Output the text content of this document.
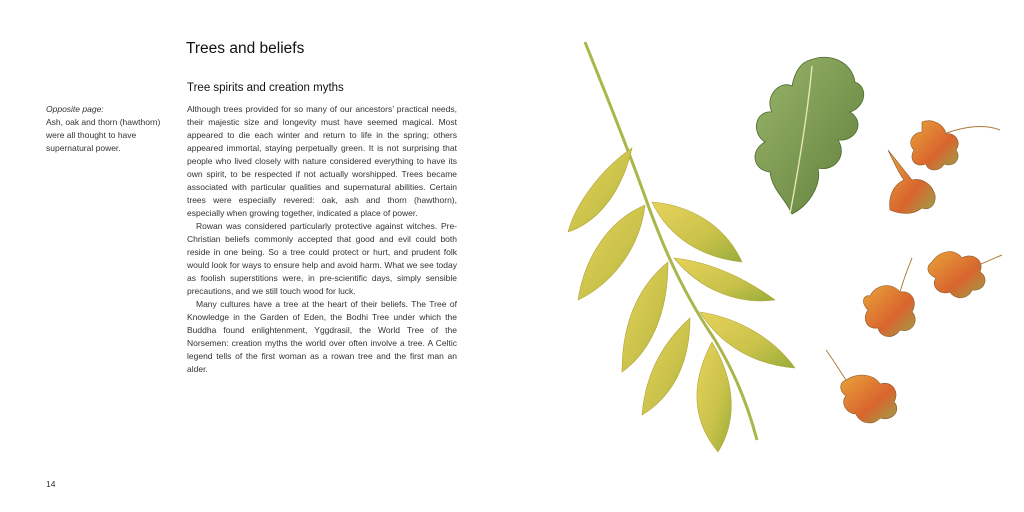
Trees and beliefs
Tree spirits and creation myths
Opposite page:
Ash, oak and thorn (hawthorn) were all thought to have supernatural power.

Although trees provided for so many of our ancestors’ practical needs, their majestic size and longevity must have seemed magical. Most appeared to die each winter and return to life in the spring; others appeared immortal, staying perpetually green. It is not surprising that people who lived closely with nature considered everything to have its own spirit, to be respected if not actually worshipped. Trees became associated with particular qualities and supernatural abilities. Certain trees were especially revered: oak, ash and thorn (hawthorn), especially when growing together, indicated a place of power.

Rowan was considered particularly protective against witches. Pre-Christian beliefs commonly accepted that good and evil could both reside in one being. So a tree could protect or hurt, and prudent folk would look for ways to ensure help and avoid harm. What we see today as foolish superstitions were, in pre-scientific days, simply sensible precautions, and we still touch wood for luck.

Many cultures have a tree at the heart of their beliefs. The Tree of Knowledge in the Garden of Eden, the Bodhi Tree under which the Buddha found enlightenment, Yggdrasil, the World Tree of the Norsemen: creation myths the world over often involve a tree. A Celtic legend tells of the first woman as a rowan tree and the first man an alder.

14
